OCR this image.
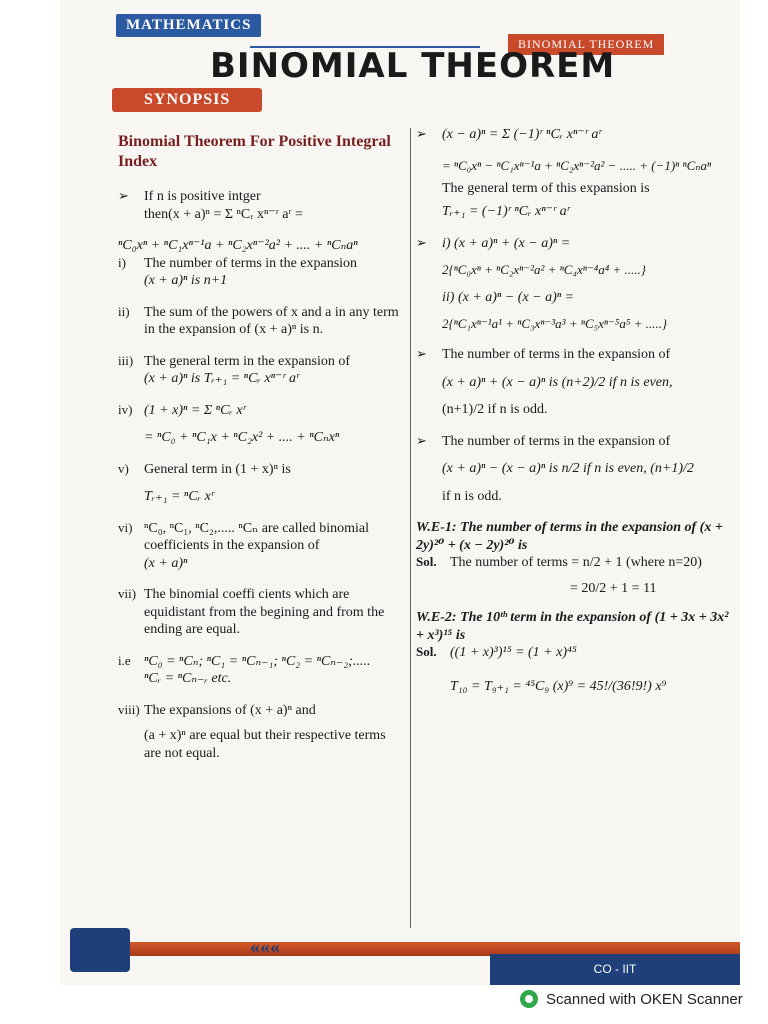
MATHEMATICS
BINOMIAL THEOREM
BINOMIAL THEOREM
SYNOPSIS

Binomial Theorem For Positive Integral Index

➢	If n is positive intger

then(x + a)ⁿ = Σ ⁿCᵣ xⁿ⁻ʳ aʳ =

ⁿC₀xⁿ + ⁿC₁xⁿ⁻¹a + ⁿC₂xⁿ⁻²a² + .... + ⁿCₙaⁿ

i)	The number of terms in the expansion

(x + a)ⁿ is n+1

ii)	The sum of the powers of x and a in any term in the expansion of (x + a)ⁿ is n.

iii) The general term in the expansion of

(x + a)ⁿ is Tᵣ₊₁ = ⁿCᵣ xⁿ⁻ʳ aʳ

iv) (1 + x)ⁿ = Σ ⁿCᵣ xʳ

= ⁿC₀ + ⁿC₁x + ⁿC₂x² + .... + ⁿCₙxⁿ

v)	General term in (1 + x)ⁿ is

Tᵣ₊₁ = ⁿCᵣ xʳ

vi) ⁿC₀, ⁿC₁, ⁿC₂,..... ⁿCₙ are called binomial coefficients in the expansion of

(x + a)ⁿ

vii) The binomial coeffi cients which are equidistant from the begining and from the ending are equal.

i.e ⁿC₀ = ⁿCₙ; ⁿC₁ = ⁿCₙ₋₁; ⁿC₂ = ⁿCₙ₋₂;.....

ⁿCᵣ = ⁿCₙ₋ᵣ etc.

viii) The expansions of (x + a)ⁿ and

(a + x)ⁿ are equal but their respective terms are not equal.

➢	(x − a)ⁿ = Σ (−1)ʳ ⁿCᵣ xⁿ⁻ʳ aʳ

= ⁿC₀xⁿ − ⁿC₁xⁿ⁻¹a + ⁿC₂xⁿ⁻²a² − ..... + (−1)ⁿ ⁿCₙaⁿ

The general term of this expansion is

Tᵣ₊₁ = (−1)ʳ ⁿCᵣ xⁿ⁻ʳ aʳ

➢	i) (x + a)ⁿ + (x − a)ⁿ =

2{ⁿC₀xⁿ + ⁿC₂xⁿ⁻²a² + ⁿC₄xⁿ⁻⁴a⁴ + .....}

ii) (x + a)ⁿ − (x − a)ⁿ =

2{ⁿC₁xⁿ⁻¹a¹ + ⁿC₃xⁿ⁻³a³ + ⁿC₅xⁿ⁻⁵a⁵ + .....}

➢	The number of terms in the expansion of

(x + a)ⁿ + (x − a)ⁿ is (n+2)/2 if n is even,

(n+1)/2 if n is odd.

➢	The number of terms in the expansion of

(x + a)ⁿ − (x − a)ⁿ is n/2 if n is even, (n+1)/2

if n is odd.

W.E-1: The number of terms in the expansion of (x + 2y)²⁰ + (x − 2y)²⁰ is

Sol. The number of terms = n/2 + 1 (where n=20)

= 20/2 + 1 = 11

W.E-2: The 10ᵗʰ term in the expansion of (1 + 3x + 3x² + x³)¹⁵ is

Sol. ((1 + x)³)¹⁵ = (1 + x)⁴⁵

T₁₀ = T₉₊₁ = ⁴⁵C₉ (x)⁹ = 45!/(36!9!) x⁹

«««
CO - IIT
Scanned with OKEN Scanner
